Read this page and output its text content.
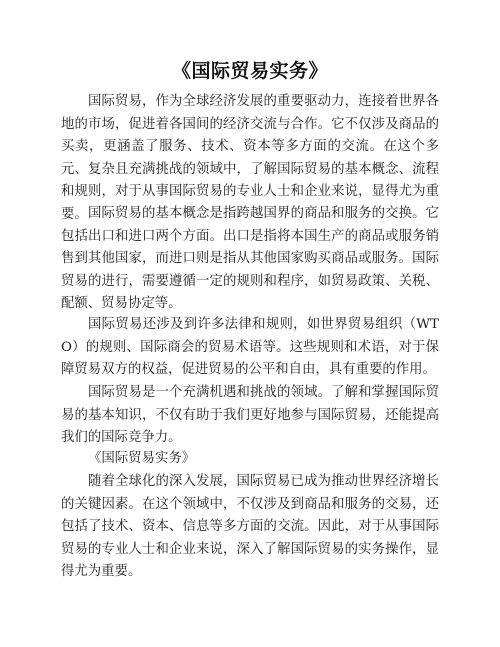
《国际贸易实务》
国际贸易，作为全球经济发展的重要驱动力，连接着世界各地的市场，促进着各国间的经济交流与合作。它不仅涉及商品的买卖，更涵盖了服务、技术、资本等多方面的交流。在这个多元、复杂且充满挑战的领域中，了解国际贸易的基本概念、流程和规则，对于从事国际贸易的专业人士和企业来说，显得尤为重要。 国际贸易的基本概念是指跨越国界的商品和服务的交换。它包括出口和进口两个方面。出口是指将本国生产的商品或服务销售到其他国家，而进口则是指从其他国家购买商品或服务。国际贸易的进行，需要遵循一定的规则和程序，如贸易政策、关税、配额、贸易协定等。
国际贸易还涉及到许多法律和规则，如世界贸易组织（WTO）的规则、国际商会的贸易术语等。这些规则和术语，对于保障贸易双方的权益，促进贸易的公平和自由，具有重要的作用。
国际贸易是一个充满机遇和挑战的领域。了解和掌握国际贸易的基本知识，不仅有助于我们更好地参与国际贸易，还能提高我们的国际竞争力。
《国际贸易实务》
随着全球化的深入发展，国际贸易已成为推动世界经济增长的关键因素。在这个领域中，不仅涉及到商品和服务的交易，还包括了技术、资本、信息等多方面的交流。因此，对于从事国际贸易的专业人士和企业来说，深入了解国际贸易的实务操作，显得尤为重要。
